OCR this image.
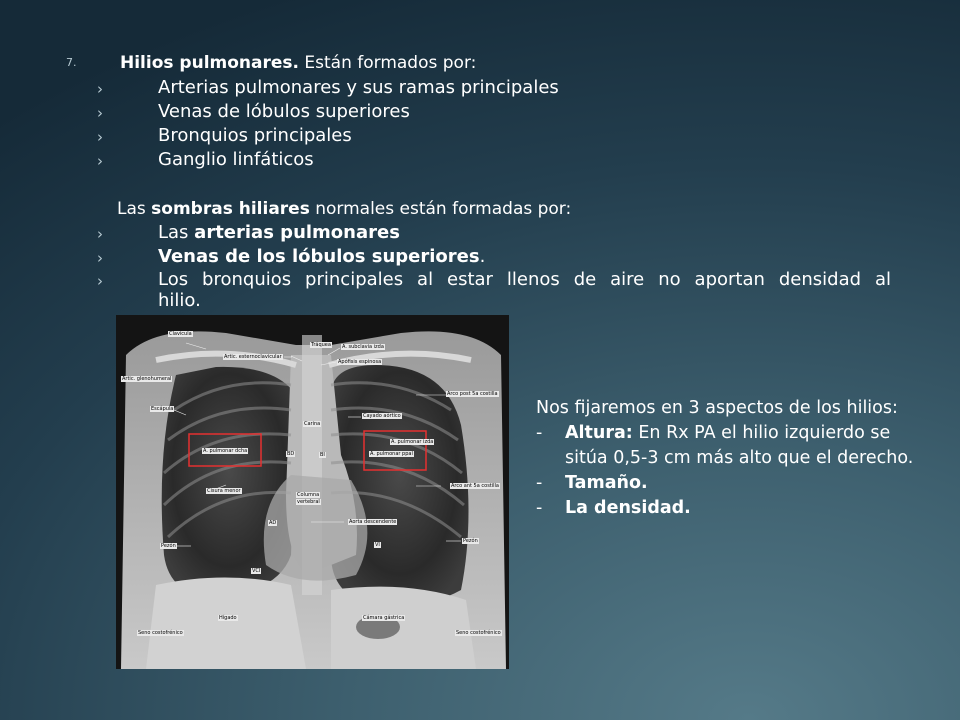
7.	Hilios pulmonares. Están formados por:
›	Arterias pulmonares y sus ramas principales
›	Venas de lóbulos superiores
›	Bronquios principales
›	Ganglio linfáticos
Las sombras hiliares normales están formadas por:
›	Las arterias pulmonares
›	Venas de los lóbulos superiores.
›	Los bronquios principales al estar llenos de aire no aportan densidad al
hilio.
Clavícula
Tráquea A. subclavia izda
Artic. esternoclavicular
Apófisis espinosa
Artic. glenohumeral
Arco post 5a costilla
Escápula
Cayado aórtico
Carina
A. pulmonar izda
A. pulmonar dcha	BD	BI	A. pulmonar ppal
Arco ant 5a costilla
Cisura menor
Columna
vertebral
AD	Aorta descendente
Pezón
Pezón
VI
VCI
Hígado	Cámara gástrica
Seno costofrénico	Seno costofrénico
Nos fijaremos en 3 aspectos de los hilios:
- Altura: En Rx PA el hilio izquierdo se sitúa 0,5-3 cm más alto que el derecho.
- Tamaño.
- La densidad.
